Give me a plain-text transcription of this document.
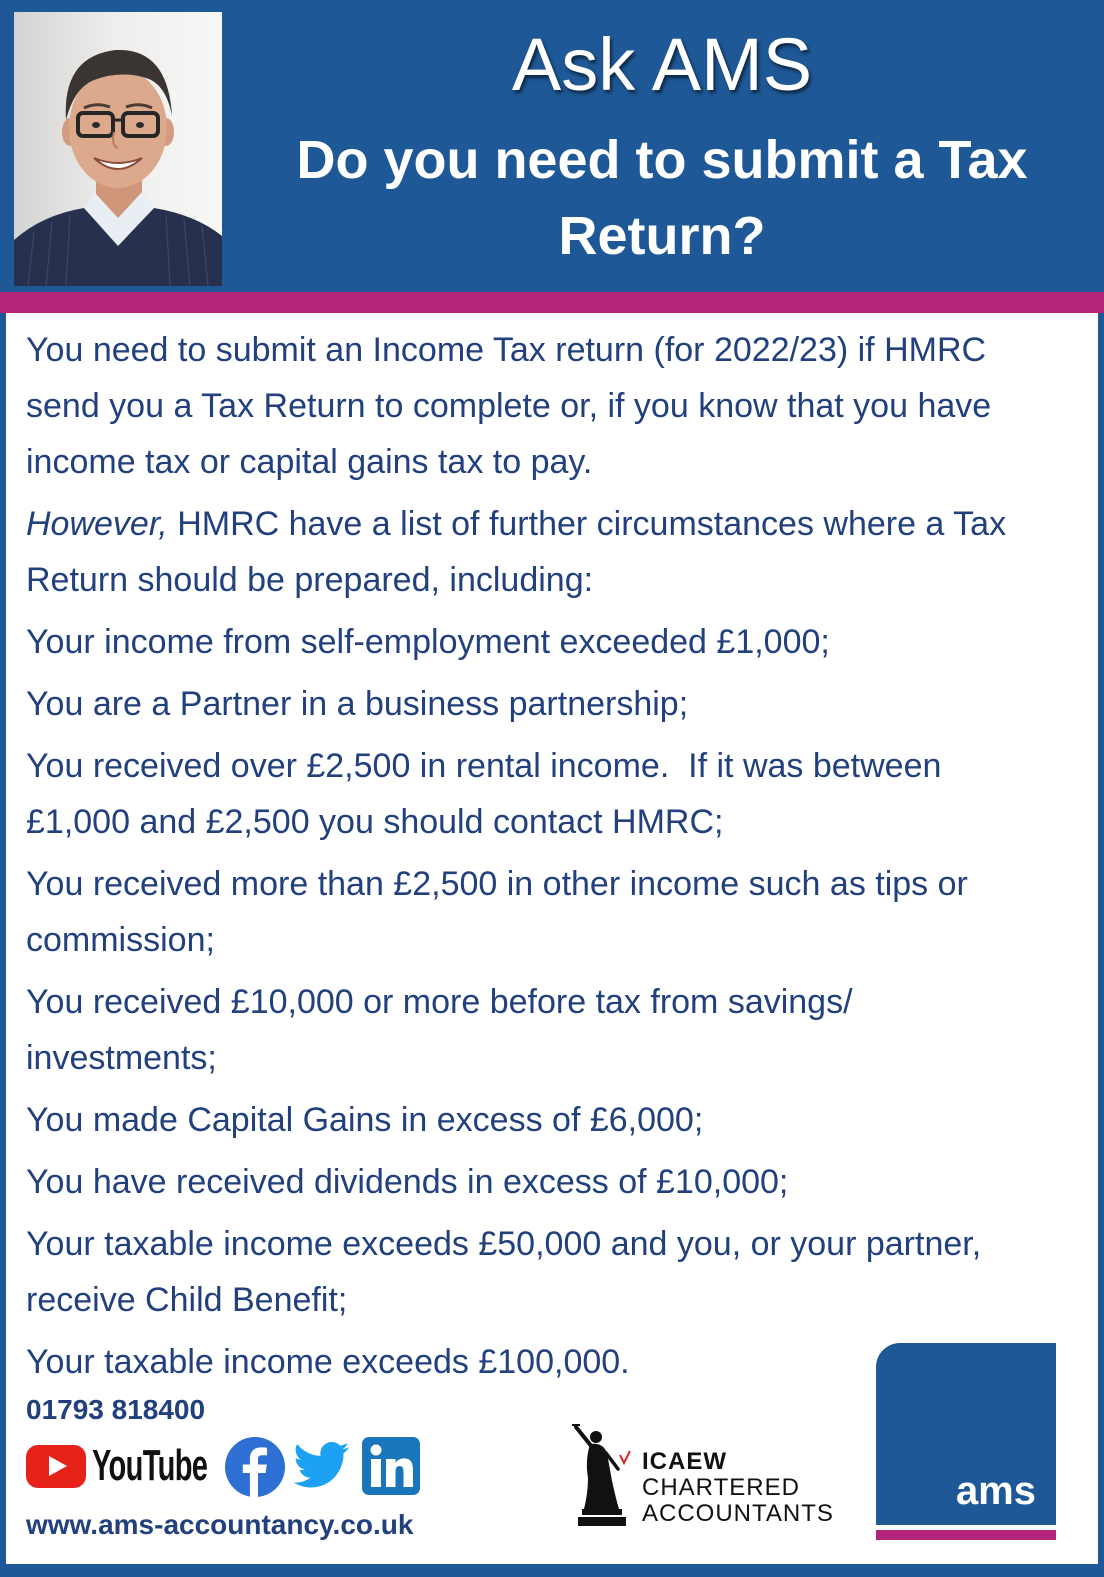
Ask AMS
Do you need to submit a Tax
Return?
You need to submit an Income Tax return (for 2022/23) if HMRC
send you a Tax Return to complete or, if you know that you have
income tax or capital gains tax to pay.
However, HMRC have a list of further circumstances where a Tax
Return should be prepared, including:
Your income from self-employment exceeded £1,000;
You are a Partner in a business partnership;
You received over £2,500 in rental income.  If it was between
£1,000 and £2,500 you should contact HMRC;
You received more than £2,500 in other income such as tips or
commission;
You received £10,000 or more before tax from savings/
investments;
You made Capital Gains in excess of £6,000;
You have received dividends in excess of £10,000;
Your taxable income exceeds £50,000 and you, or your partner,
receive Child Benefit;
Your taxable income exceeds £100,000.
01793 818400
YouTube
www.ams-accountancy.co.uk
ICAEW
CHARTERED
ACCOUNTANTS
ams
